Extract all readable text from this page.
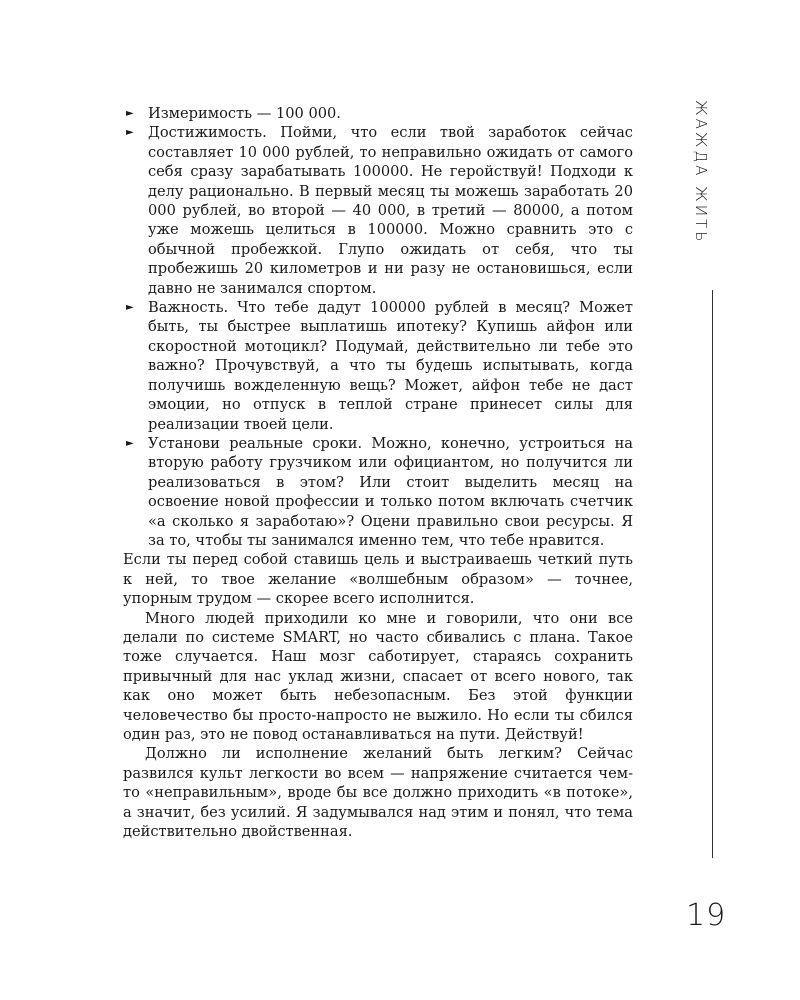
► Измеримость — 100 000.
► Достижимость. Пойми, что если твой заработок сейчас составляет 10 000 рублей, то неправильно ожидать от самого себя сразу зарабатывать 100000. Не геройствуй! Подходи к делу рационально. В первый месяц ты можешь заработать 20 000 рублей, во второй — 40 000, в третий — 80000, а потом уже можешь целиться в 100000. Можно сравнить это с обычной пробежкой. Глупо ожидать от себя, что ты пробежишь 20 километров и ни разу не остановишься, если давно не занимался спортом.
► Важность. Что тебе дадут 100000 рублей в месяц? Может быть, ты быстрее выплатишь ипотеку? Купишь айфон или скоростной мотоцикл? Подумай, действительно ли тебе это важно? Прочувствуй, а что ты будешь испытывать, когда получишь вожделенную вещь? Может, айфон тебе не даст эмоции, но отпуск в теплой стране принесет силы для реализации твоей цели.
► Установи реальные сроки. Можно, конечно, устроиться на вторую работу грузчиком или официантом, но получится ли реализоваться в этом? Или стоит выделить месяц на освоение новой профессии и только потом включать счетчик «а сколько я заработаю»? Оцени правильно свои ресурсы. Я за то, чтобы ты занимался именно тем, что тебе нравится.

Если ты перед собой ставишь цель и выстраиваешь четкий путь к ней, то твое желание «волшебным образом» — точнее, упорным трудом — скорее всего исполнится.

Много людей приходили ко мне и говорили, что они все делали по системе SMART, но часто сбивались с плана. Такое тоже случается. Наш мозг саботирует, стараясь сохранить привычный для нас уклад жизни, спасает от всего нового, так как оно может быть небезопасным. Без этой функции человечество бы просто-напросто не выжило. Но если ты сбился один раз, это не повод останавливаться на пути. Действуй!

Должно ли исполнение желаний быть легким? Сейчас развился культ легкости во всем — напряжение считается чем-то «неправильным», вроде бы все должно приходить «в потоке», а значит, без усилий. Я задумывался над этим и понял, что тема действительно двойственная.

ЖАЖДА ЖИТЬ
19
